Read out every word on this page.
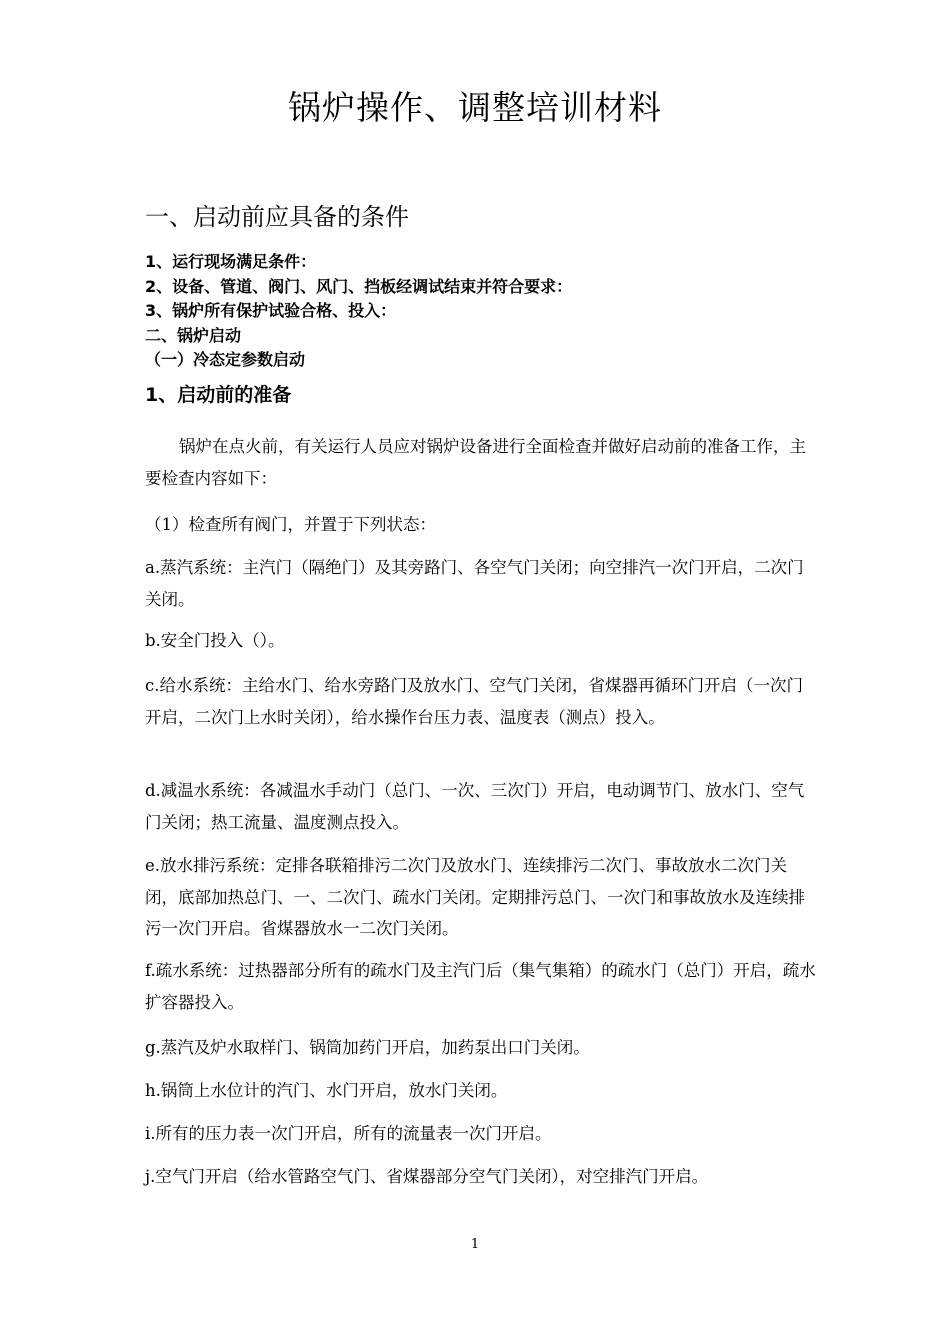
锅炉操作、调整培训材料
一、启动前应具备的条件
1、运行现场满足条件：
2、设备、管道、阀门、风门、挡板经调试结束并符合要求：
3、锅炉所有保护试验合格、投入：
二、锅炉启动
（一）冷态定参数启动
1、启动前的准备
锅炉在点火前，有关运行人员应对锅炉设备进行全面检查并做好启动前的准备工作，主要检查内容如下：
（1）检查所有阀门，并置于下列状态：
a.蒸汽系统：主汽门（隔绝门）及其旁路门、各空气门关闭；向空排汽一次门开启，二次门关闭。
b.安全门投入（）。
c.给水系统：主给水门、给水旁路门及放水门、空气门关闭，省煤器再循环门开启（一次门开启，二次门上水时关闭），给水操作台压力表、温度表（测点）投入。
d.减温水系统：各减温水手动门（总门、一次、三次门）开启，电动调节门、放水门、空气门关闭；热工流量、温度测点投入。
e.放水排污系统：定排各联箱排污二次门及放水门、连续排污二次门、事故放水二次门关闭，底部加热总门、一、二次门、疏水门关闭。定期排污总门、一次门和事故放水及连续排污一次门开启。省煤器放水一二次门关闭。
f.疏水系统：过热器部分所有的疏水门及主汽门后（集气集箱）的疏水门（总门）开启，疏水扩容器投入。
g.蒸汽及炉水取样门、锅筒加药门开启，加药泵出口门关闭。
h.锅筒上水位计的汽门、水门开启，放水门关闭。
i.所有的压力表一次门开启，所有的流量表一次门开启。
j.空气门开启（给水管路空气门、省煤器部分空气门关闭），对空排汽门开启。
1
